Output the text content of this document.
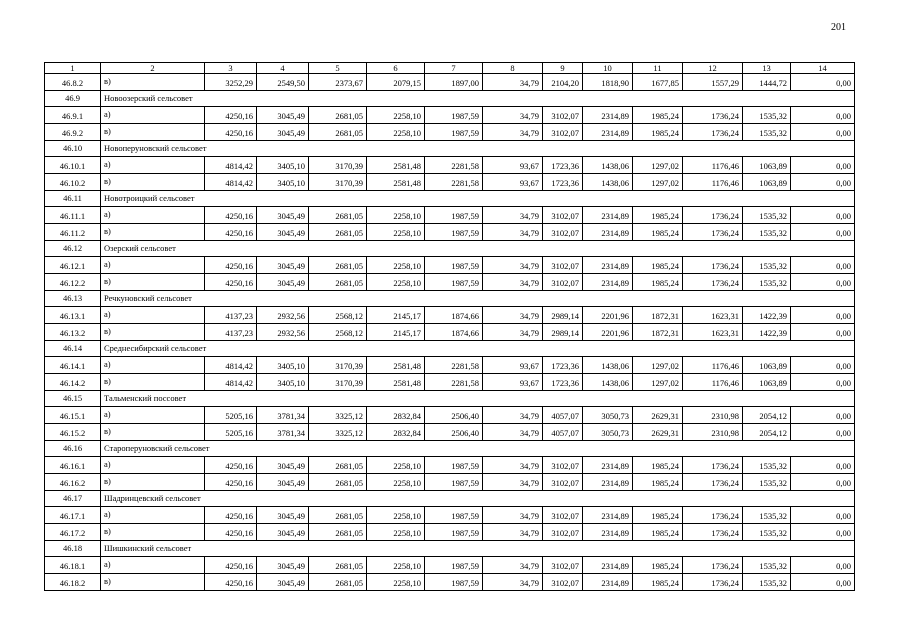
201
1	2	3	4	5	6	7	8	9	10	11	12	13	14
46.8.2	в)	3252,29	2549,50	2373,67	2079,15	1897,00	34,79	2104,20	1818,90	1677,85	1557,29	1444,72	0,00
46.9	Новоозерский сельсовет												
46.9.1	а)	4250,16	3045,49	2681,05	2258,10	1987,59	34,79	3102,07	2314,89	1985,24	1736,24	1535,32	0,00
46.9.2	в)	4250,16	3045,49	2681,05	2258,10	1987,59	34,79	3102,07	2314,89	1985,24	1736,24	1535,32	0,00
46.10	Новоперуновский сельсовет												
46.10.1	а)	4814,42	3405,10	3170,39	2581,48	2281,58	93,67	1723,36	1438,06	1297,02	1176,46	1063,89	0,00
46.10.2	в)	4814,42	3405,10	3170,39	2581,48	2281,58	93,67	1723,36	1438,06	1297,02	1176,46	1063,89	0,00
46.11	Новотроицкий сельсовет												
46.11.1	а)	4250,16	3045,49	2681,05	2258,10	1987,59	34,79	3102,07	2314,89	1985,24	1736,24	1535,32	0,00
46.11.2	в)	4250,16	3045,49	2681,05	2258,10	1987,59	34,79	3102,07	2314,89	1985,24	1736,24	1535,32	0,00
46.12	Озерский сельсовет												
46.12.1	а)	4250,16	3045,49	2681,05	2258,10	1987,59	34,79	3102,07	2314,89	1985,24	1736,24	1535,32	0,00
46.12.2	в)	4250,16	3045,49	2681,05	2258,10	1987,59	34,79	3102,07	2314,89	1985,24	1736,24	1535,32	0,00
46.13	Речкуновский сельсовет												
46.13.1	а)	4137,23	2932,56	2568,12	2145,17	1874,66	34,79	2989,14	2201,96	1872,31	1623,31	1422,39	0,00
46.13.2	в)	4137,23	2932,56	2568,12	2145,17	1874,66	34,79	2989,14	2201,96	1872,31	1623,31	1422,39	0,00
46.14	Среднесибирский сельсовет												
46.14.1	а)	4814,42	3405,10	3170,39	2581,48	2281,58	93,67	1723,36	1438,06	1297,02	1176,46	1063,89	0,00
46.14.2	в)	4814,42	3405,10	3170,39	2581,48	2281,58	93,67	1723,36	1438,06	1297,02	1176,46	1063,89	0,00
46.15	Тальменский поссовет												
46.15.1	а)	5205,16	3781,34	3325,12	2832,84	2506,40	34,79	4057,07	3050,73	2629,31	2310,98	2054,12	0,00
46.15.2	в)	5205,16	3781,34	3325,12	2832,84	2506,40	34,79	4057,07	3050,73	2629,31	2310,98	2054,12	0,00
46.16	Староперуновский сельсовет												
46.16.1	а)	4250,16	3045,49	2681,05	2258,10	1987,59	34,79	3102,07	2314,89	1985,24	1736,24	1535,32	0,00
46.16.2	в)	4250,16	3045,49	2681,05	2258,10	1987,59	34,79	3102,07	2314,89	1985,24	1736,24	1535,32	0,00
46.17	Шадринцевский сельсовет												
46.17.1	а)	4250,16	3045,49	2681,05	2258,10	1987,59	34,79	3102,07	2314,89	1985,24	1736,24	1535,32	0,00
46.17.2	в)	4250,16	3045,49	2681,05	2258,10	1987,59	34,79	3102,07	2314,89	1985,24	1736,24	1535,32	0,00
46.18	Шишкинский сельсовет												
46.18.1	а)	4250,16	3045,49	2681,05	2258,10	1987,59	34,79	3102,07	2314,89	1985,24	1736,24	1535,32	0,00
46.18.2	в)	4250,16	3045,49	2681,05	2258,10	1987,59	34,79	3102,07	2314,89	1985,24	1736,24	1535,32	0,00
